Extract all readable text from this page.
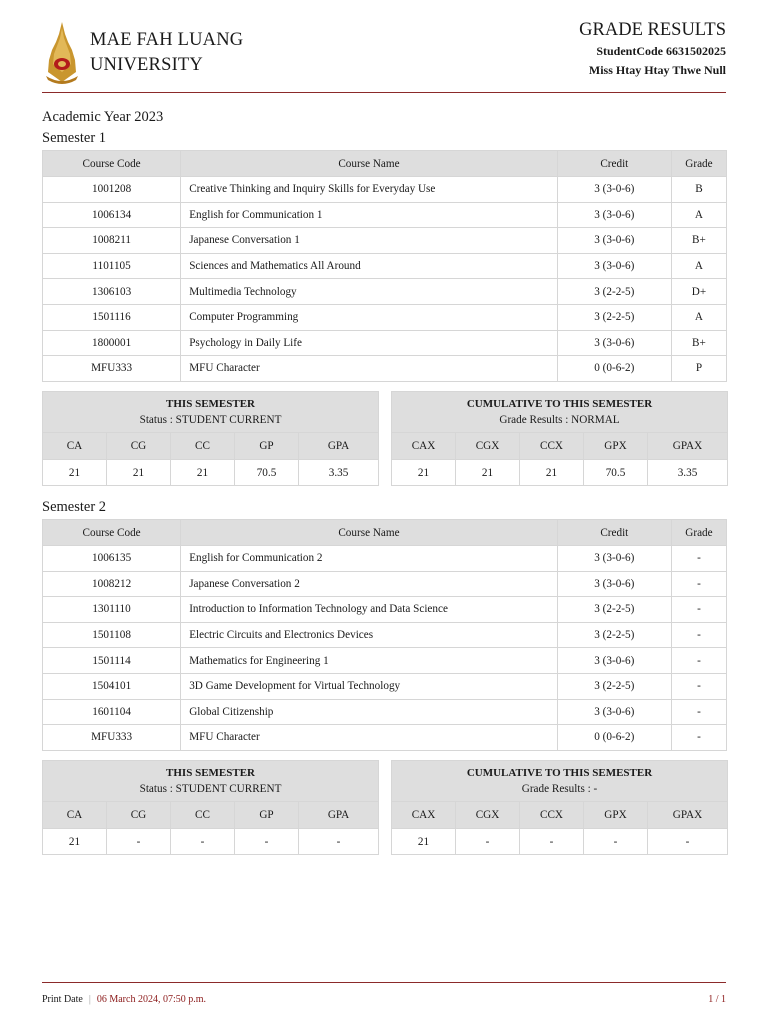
MAE FAH LUANG
UNIVERSITY
GRADE RESULTS
StudentCode 6631502025
Miss Htay Htay Thwe Null
Academic Year 2023
Semester 1
Course Code	Course Name	Credit	Grade
1001208	Creative Thinking and Inquiry Skills for Everyday Use	3 (3-0-6)	B
1006134	English for Communication 1	3 (3-0-6)	A
1008211	Japanese Conversation 1	3 (3-0-6)	B+
1101105	Sciences and Mathematics All Around	3 (3-0-6)	A
1306103	Multimedia Technology	3 (2-2-5)	D+
1501116	Computer Programming	3 (2-2-5)	A
1800001	Psychology in Daily Life	3 (3-0-6)	B+
MFU333	MFU Character	0 (0-6-2)	P
THIS SEMESTER
Status : STUDENT CURRENT				

CA	CG	CC	GP	GPA
21	21	21	70.5	3.35
CUMULATIVE TO THIS SEMESTER
Grade Results : NORMAL				

CAX	CGX	CCX	GPX	GPAX
21	21	21	70.5	3.35
Semester 2
Course Code	Course Name	Credit	Grade
1006135	English for Communication 2	3 (3-0-6)	-
1008212	Japanese Conversation 2	3 (3-0-6)	-
1301110	Introduction to Information Technology and Data Science	3 (2-2-5)	-
1501108	Electric Circuits and Electronics Devices	3 (2-2-5)	-
1501114	Mathematics for Engineering 1	3 (3-0-6)	-
1504101	3D Game Development for Virtual Technology	3 (2-2-5)	-
1601104	Global Citizenship	3 (3-0-6)	-
MFU333	MFU Character	0 (0-6-2)	-
THIS SEMESTER
Status : STUDENT CURRENT				

CA	CG	CC	GP	GPA
21	-	-	-	-
CUMULATIVE TO THIS SEMESTER
Grade Results : -				

CAX	CGX	CCX	GPX	GPAX
21	-	-	-	-
Print Date | 06 March 2024, 07:50 p.m.	1 / 1
